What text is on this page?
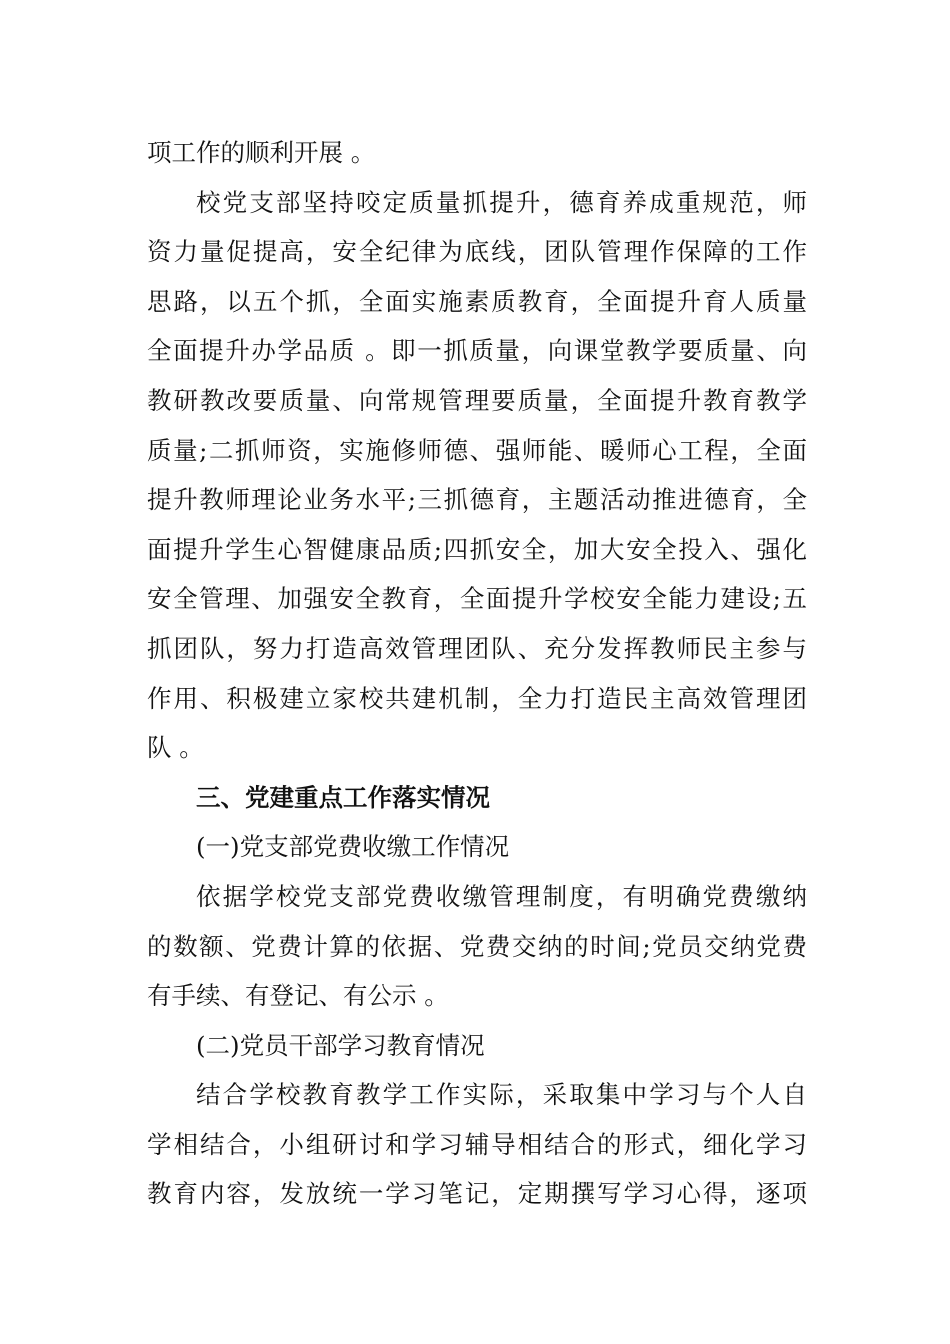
项工作的顺利开展 。
校党支部坚持咬定质量抓提升，德育养成重规范，师
资力量促提高，安全纪律为底线，团队管理作保障的工作
思路，以五个抓，全面实施素质教育，全面提升育人质量
全面提升办学品质 。即一抓质量，向课堂教学要质量、向
教研教改要质量、向常规管理要质量，全面提升教育教学
质量;二抓师资，实施修师德、强师能、暖师心工程，全面
提升教师理论业务水平;三抓德育，主题活动推进德育，全
面提升学生心智健康品质;四抓安全，加大安全投入、强化
安全管理、加强安全教育，全面提升学校安全能力建设;五
抓团队，努力打造高效管理团队、充分发挥教师民主参与
作用、积极建立家校共建机制，全力打造民主高效管理团
队 。
三、党建重点工作落实情况
(一)党支部党费收缴工作情况
依据学校党支部党费收缴管理制度，有明确党费缴纳
的数额、党费计算的依据、党费交纳的时间;党员交纳党费
有手续、有登记、有公示 。
(二)党员干部学习教育情况
结合学校教育教学工作实际，采取集中学习与个人自
学相结合，小组研讨和学习辅导相结合的形式，细化学习
教育内容，发放统一学习笔记，定期撰写学习心得，逐项
